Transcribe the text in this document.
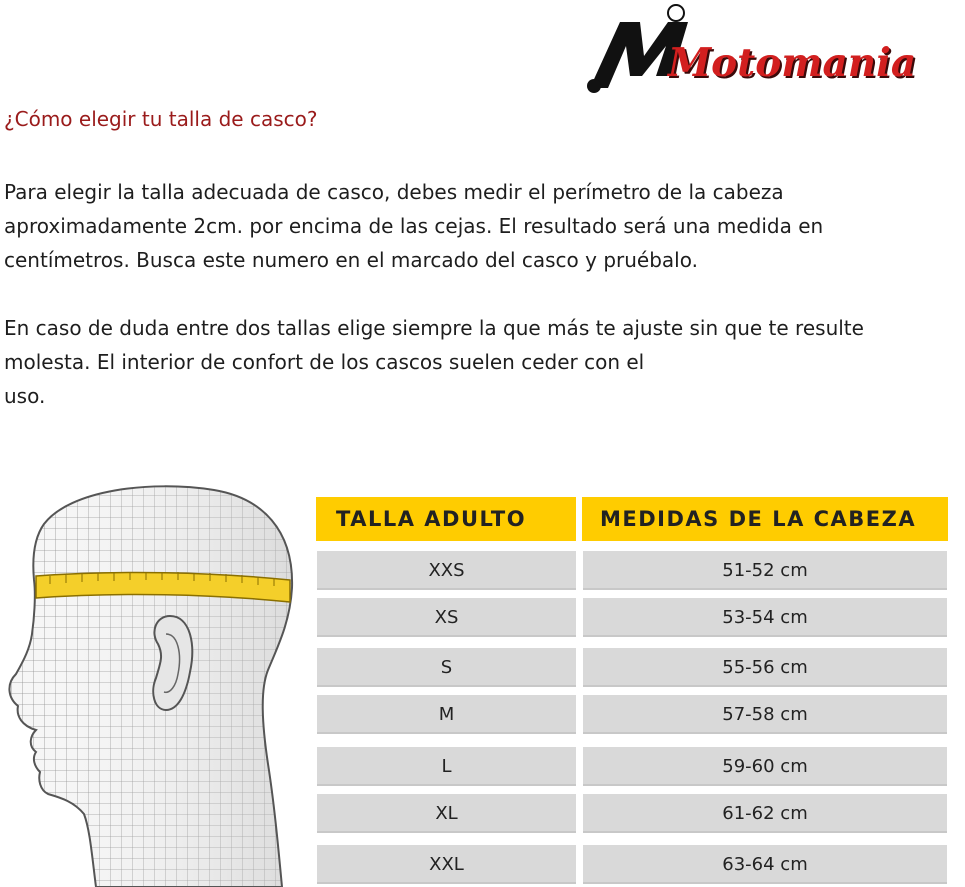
Motomania
¿Cómo elegir tu talla de casco?
Para elegir la talla adecuada de casco, debes medir el perímetro de la cabeza
aproximadamente 2cm. por encima de las cejas. El resultado será una medida en
centímetros. Busca este numero en el marcado del casco y pruébalo.
En caso de duda entre dos tallas elige siempre la que más te ajuste sin que te resulte
molesta. El interior de confort de los cascos suelen ceder con el
uso.
TALLA ADULTO	MEDIDAS DE LA CABEZA
XXS	51-52 cm
XS	53-54 cm
S	55-56 cm
M	57-58 cm
L	59-60 cm
XL	61-62 cm
XXL	63-64 cm
